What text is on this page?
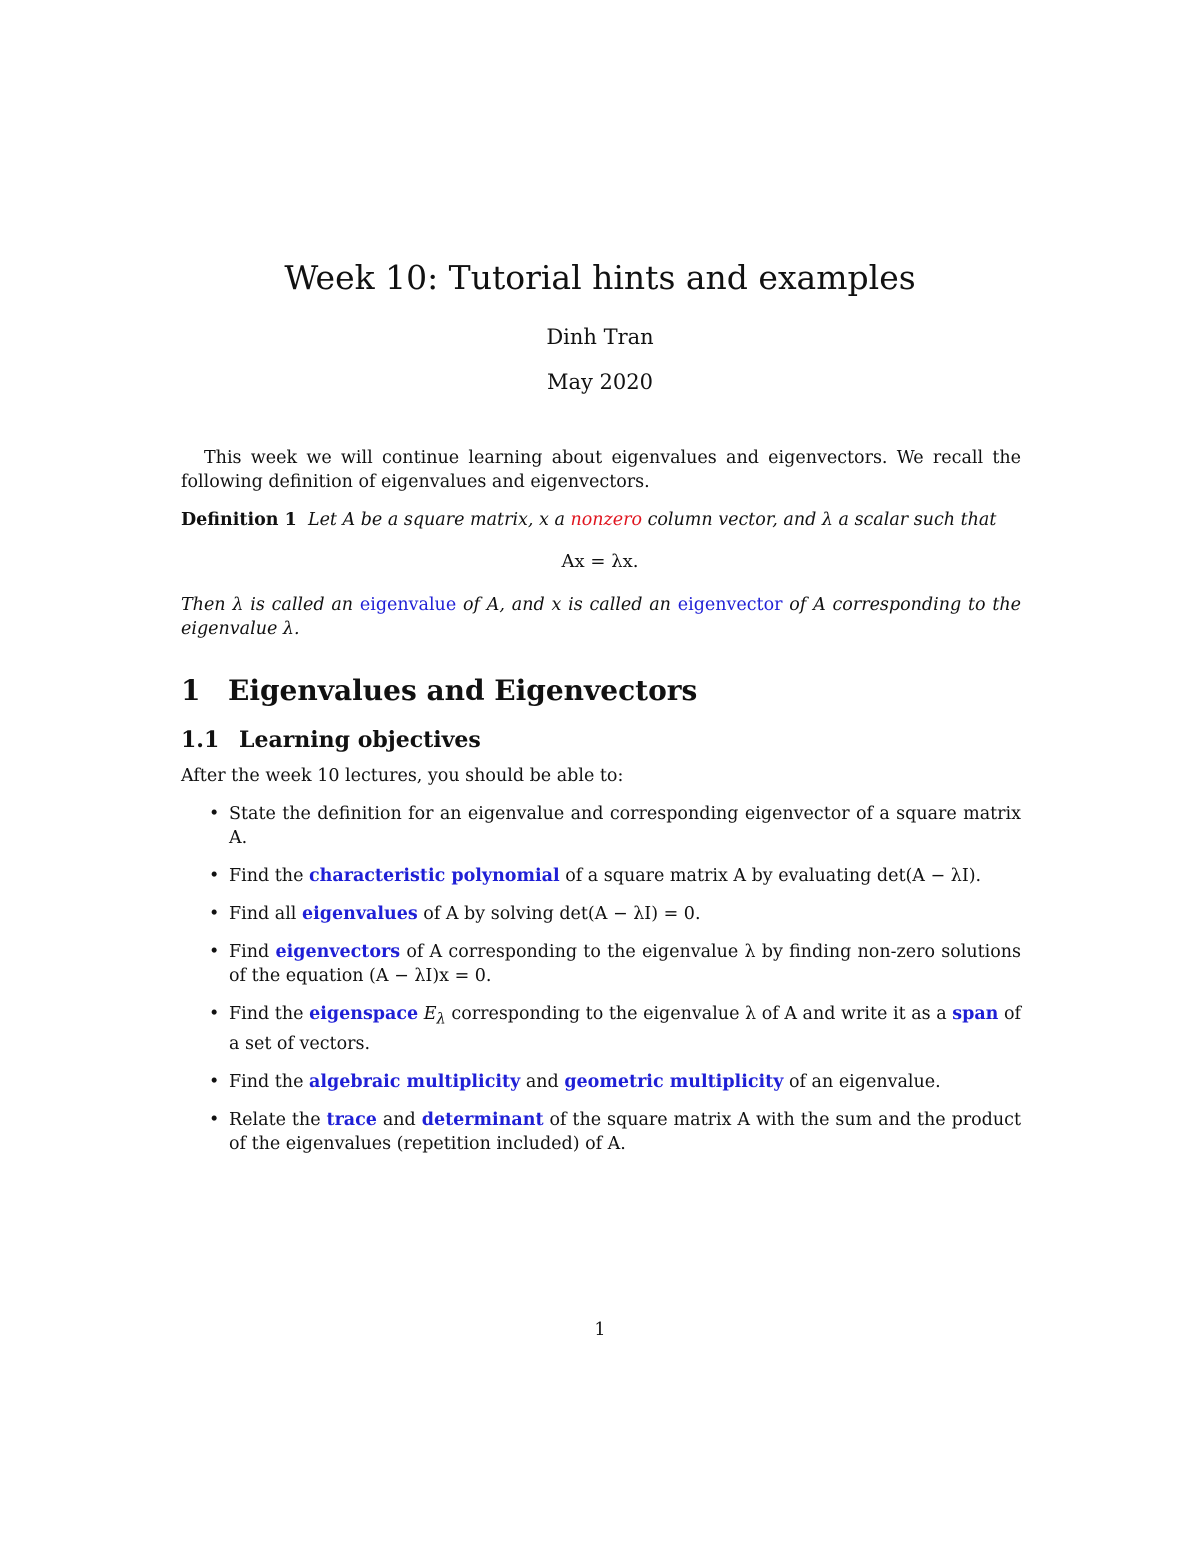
Week 10: Tutorial hints and examples
Dinh Tran
May 2020

This week we will continue learning about eigenvalues and eigenvectors. We recall the following definition of eigenvalues and eigenvectors.

Definition 1 Let A be a square matrix, x a nonzero column vector, and λ a scalar such that
Ax = λx.

Then λ is called an eigenvalue of A, and x is called an eigenvector of A corresponding to the eigenvalue λ.

1 Eigenvalues and Eigenvectors
1.1 Learning objectives
After the week 10 lectures, you should be able to:
• State the definition for an eigenvalue and corresponding eigenvector of a square matrix A.
• Find the characteristic polynomial of a square matrix A by evaluating det(A − λI).
• Find all eigenvalues of A by solving det(A − λI) = 0.
• Find eigenvectors of A corresponding to the eigenvalue λ by finding non-zero solutions of the equation (A − λI)x = 0.
• Find the eigenspace $E_\lambda$ corresponding to the eigenvalue λ of A and write it as a span of a set of vectors.
• Find the algebraic multiplicity and geometric multiplicity of an eigenvalue.
• Relate the trace and determinant of the square matrix A with the sum and the product of the eigenvalues (repetition included) of A.
1
